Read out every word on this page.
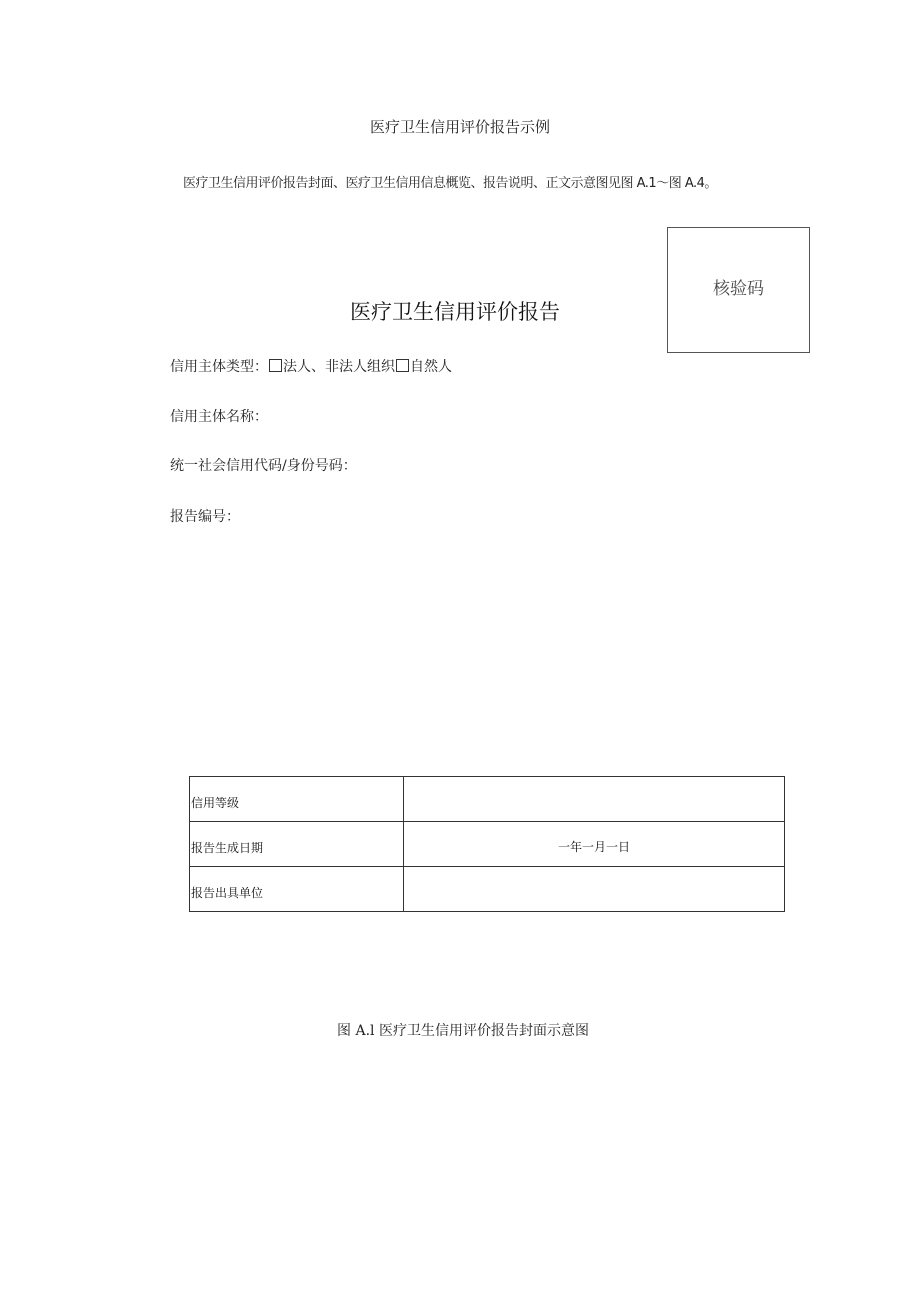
医疗卫生信用评价报告示例
医疗卫生信用评价报告封面、医疗卫生信用信息概览、报告说明、正文示意图见图 A.1〜图 A.4。
核验码
医疗卫生信用评价报告
信用主体类型： 法人、非法人组织 自然人
信用主体名称：
统一社会信用代码/身份号码：
报告编号：
信用等级	
报告生成日期	一年一月一日
报告出具单位	
图 A.l 医疗卫生信用评价报告封面示意图
